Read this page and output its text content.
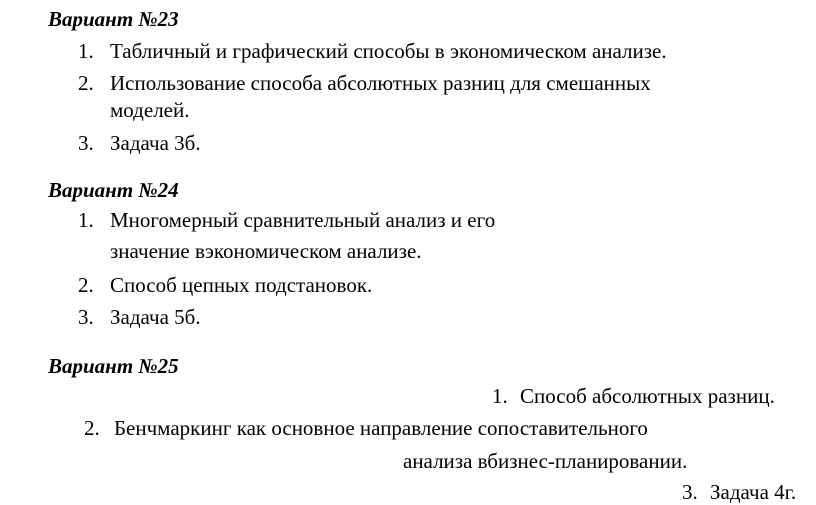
Вариант №23
1. Табличный и графический способы в экономическом анализе.
2. Использование способа абсолютных разниц для смешанных
моделей.
3. Задача 3б.
Вариант №24
1. Многомерный сравнительный анализ и его
значение вэкономическом анализе.
2. Способ цепных подстановок.
3. Задача 5б.
Вариант №25
1. Способ абсолютных разниц.
2. Бенчмаркинг как основное направление сопоставительного
анализа вбизнес-планировании.
3. Задача 4г.
